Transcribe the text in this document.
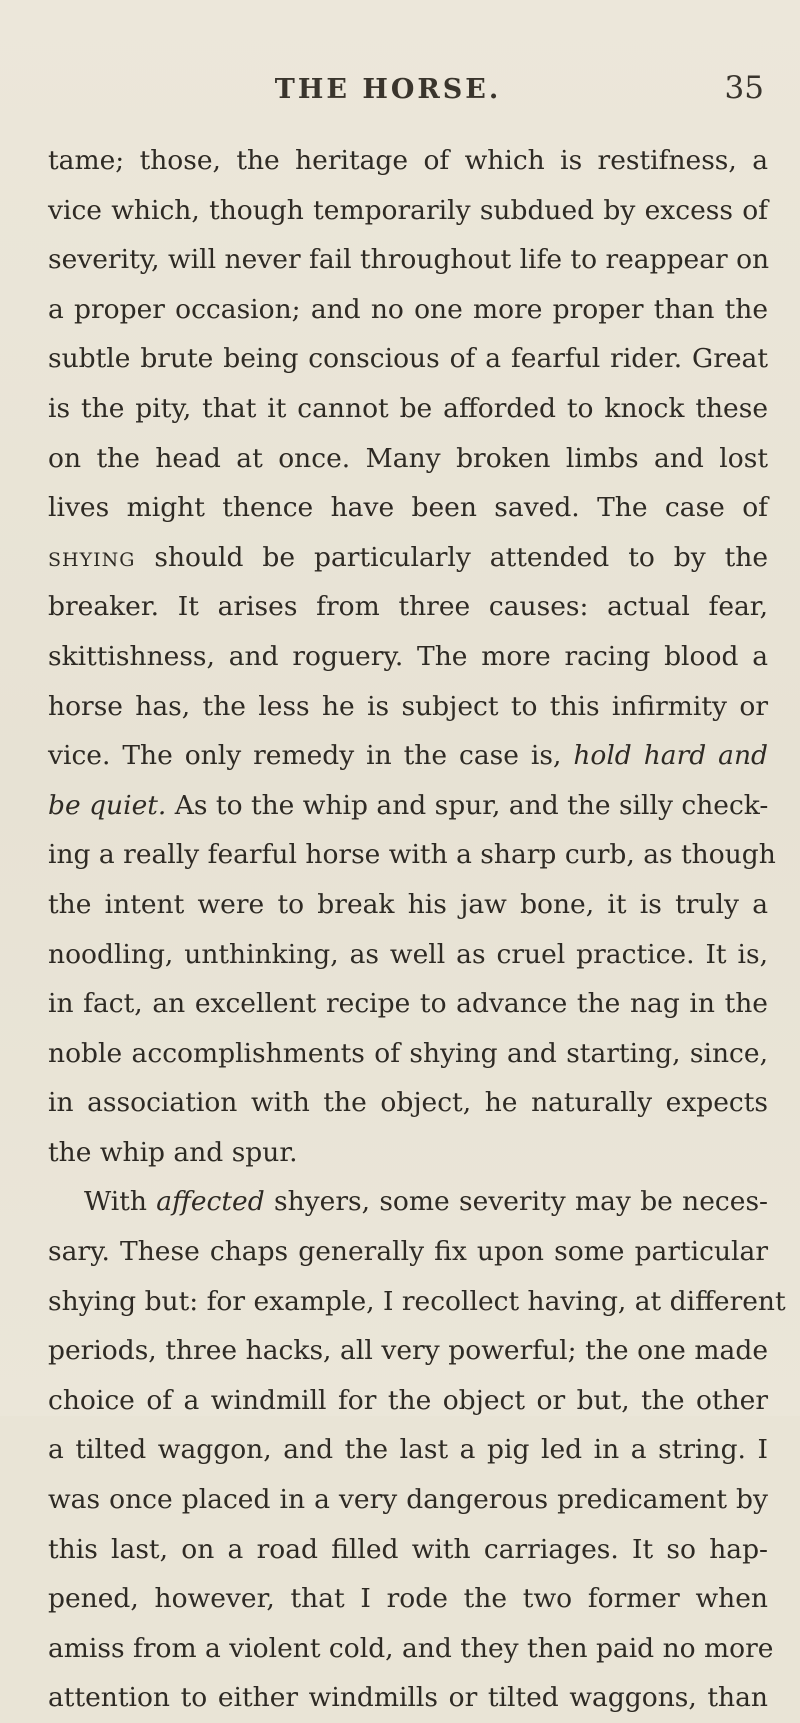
THE HORSE.	35
tame; those, the heritage of which is restifness, a
vice which, though temporarily subdued by excess of
severity, will never fail throughout life to reappear on
a proper occasion; and no one more proper than the
subtle brute being conscious of a fearful rider. Great
is the pity, that it cannot be afforded to knock these
on the head at once. Many broken limbs and lost
lives might thence have been saved. The case of
shying should be particularly attended to by the
breaker. It arises from three causes: actual fear,
skittishness, and roguery. The more racing blood a
horse has, the less he is subject to this infirmity or
vice. The only remedy in the case is, hold hard and
be quiet. As to the whip and spur, and the silly check-
ing a really fearful horse with a sharp curb, as though
the intent were to break his jaw bone, it is truly a
noodling, unthinking, as well as cruel practice. It is,
in fact, an excellent recipe to advance the nag in the
noble accomplishments of shying and starting, since,
in association with the object, he naturally expects
the whip and spur.
With affected shyers, some severity may be neces-
sary. These chaps generally fix upon some particular
shying but: for example, I recollect having, at different
periods, three hacks, all very powerful; the one made
choice of a windmill for the object or but, the other
a tilted waggon, and the last a pig led in a string. I
was once placed in a very dangerous predicament by
this last, on a road filled with carriages. It so hap-
pened, however, that I rode the two former when
amiss from a violent cold, and they then paid no more
attention to either windmills or tilted waggons, than
